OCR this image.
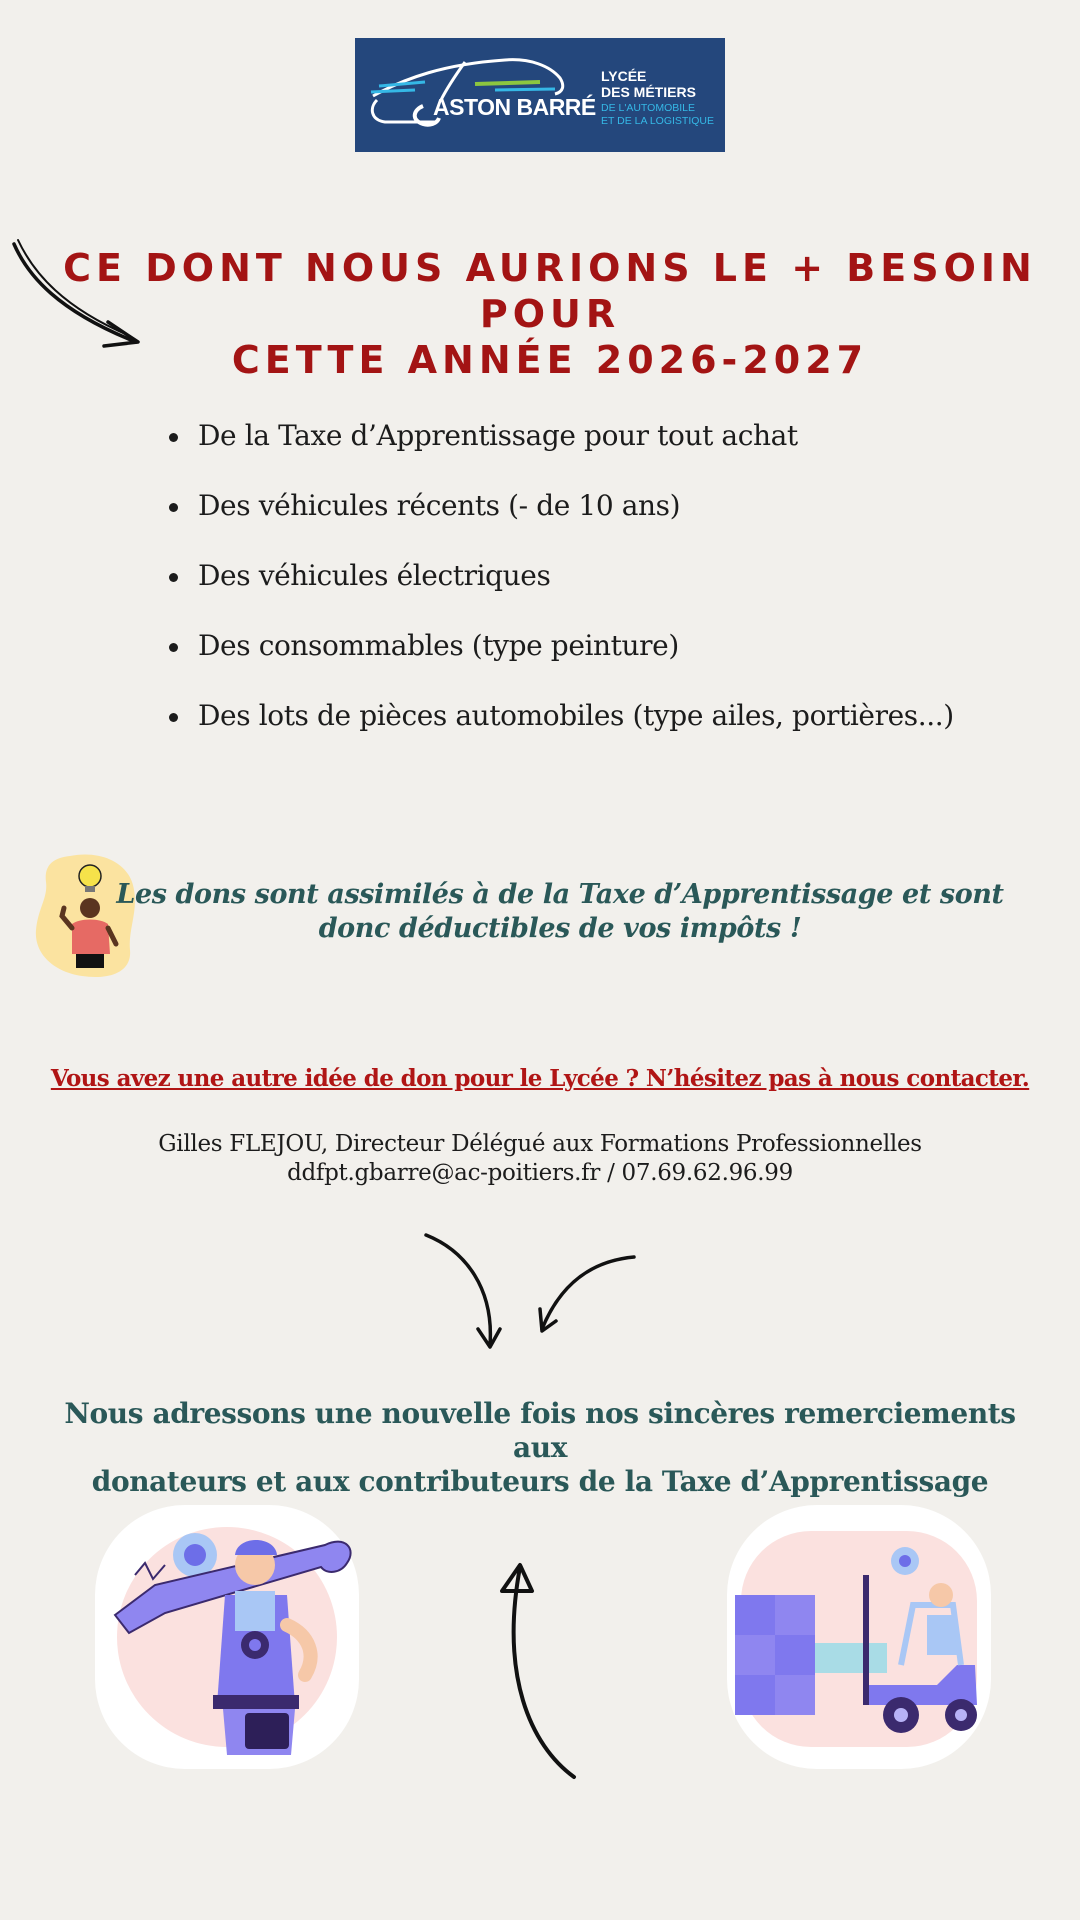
ASTON BARRÉ
LYCÉE
DES MÉTIERS
DE L'AUTOMOBILE
ET DE LA LOGISTIQUE
CE DONT NOUS AURIONS LE + BESOIN POUR
CETTE ANNÉE 2026-2027
De la Taxe d’Apprentissage pour tout achat
Des véhicules récents (- de 10 ans)
Des véhicules électriques
Des consommables (type peinture)
Des lots de pièces automobiles (type ailes, portières...)
Les dons sont assimilés à de la Taxe d’Apprentissage et sont
donc déductibles de vos impôts !
Vous avez une autre idée de don pour le Lycée ? N’hésitez pas à nous contacter.
Gilles FLEJOU, Directeur Délégué aux Formations Professionnelles
ddfpt.gbarre@ac-poitiers.fr / 07.69.62.96.99
Nous adressons une nouvelle fois nos sincères remerciements aux
donateurs et aux contributeurs de la Taxe d’Apprentissage
